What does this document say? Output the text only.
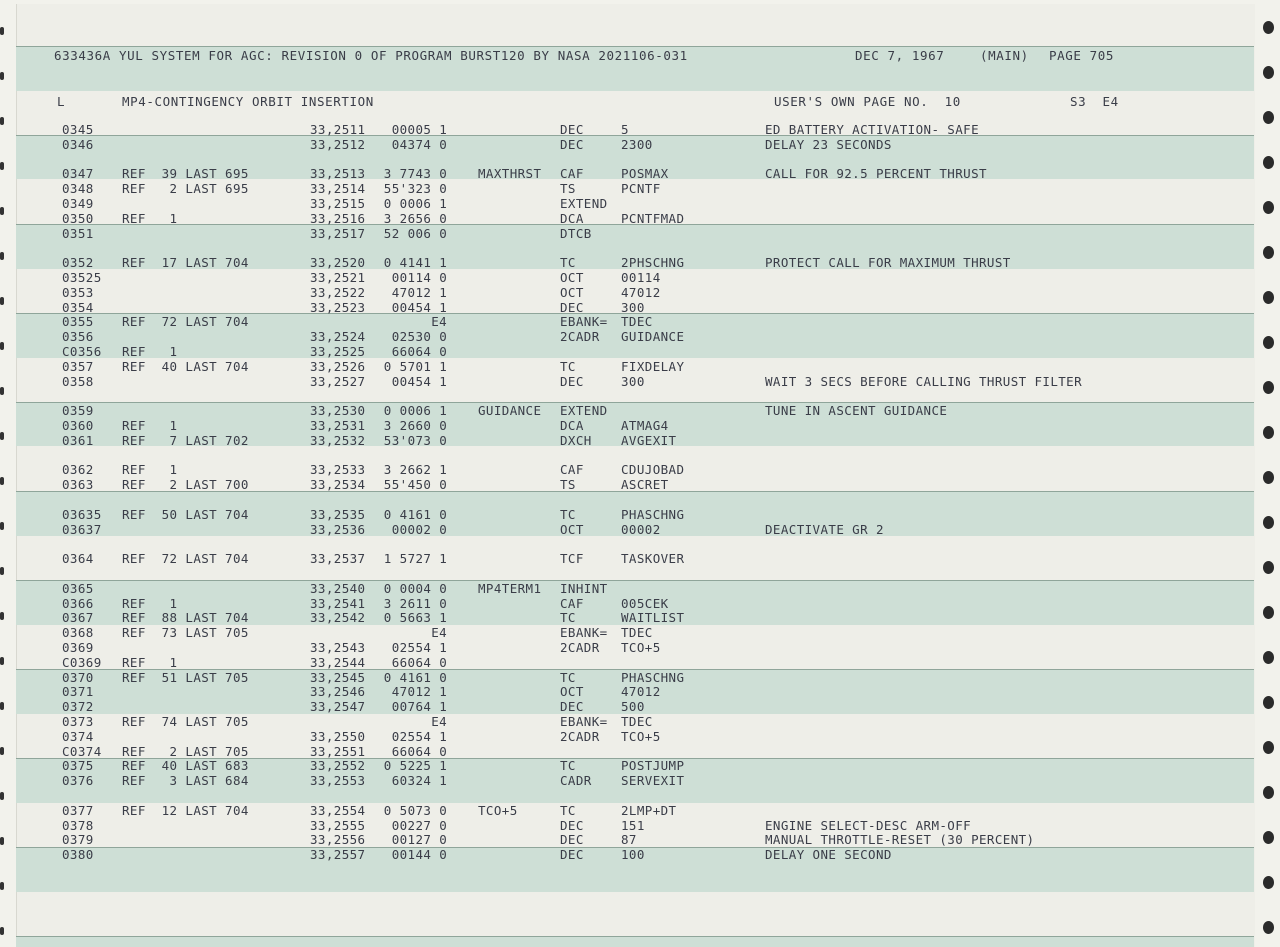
633436A YUL SYSTEM FOR AGC: REVISION 0 OF PROGRAM BURST120 BY NASA 2021106-031	DEC 7, 1967	(MAIN) PAGE 705
L	MP4-CONTINGENCY ORBIT INSERTION	USER'S OWN PAGE NO.  10	S3  E4
0345	33,2511 00005 1	DEC	5	ED BATTERY ACTIVATION- SAFE
0346	33,2512 04374 0	DEC	2300	DELAY 23 SECONDS
0347 REF  39 LAST 695	33,2513 3 7743 0 MAXTHRST CAF	POSMAX	CALL FOR 92.5 PERCENT THRUST
0348 REF   2 LAST 695	33,2514 55'323 0	TS	PCNTF
0349	33,2515 0 0006 1	EXTEND
0350 REF   1	33,2516 3 2656 0	DCA	PCNTFMAD
0351	33,2517 52 006 0	DTCB
0352 REF  17 LAST 704	33,2520 0 4141 1	TC	2PHSCHNG	PROTECT CALL FOR MAXIMUM THRUST
03525	33,2521 00114 0	OCT	00114
0353	33,2522 47012 1	OCT	47012
0354	33,2523 00454 1	DEC	300
0355 REF  72 LAST 704	E4	EBANK= TDEC
0356	33,2524 02530 0	2CADR GUIDANCE
C0356 REF   1	33,2525 66064 0
0357 REF  40 LAST 704	33,2526 0 5701 1	TC	FIXDELAY
0358	33,2527 00454 1	DEC	300	WAIT 3 SECS BEFORE CALLING THRUST FILTER
0359	33,2530 0 0006 1 GUIDANCE EXTEND	TUNE IN ASCENT GUIDANCE
0360 REF   1	33,2531 3 2660 0	DCA	ATMAG4
0361 REF   7 LAST 702	33,2532 53'073 0	DXCH AVGEXIT
0362 REF   1	33,2533 3 2662 1	CAF	CDUJOBAD
0363 REF   2 LAST 700	33,2534 55'450 0	TS	ASCRET
03635 REF  50 LAST 704	33,2535 0 4161 0	TC	PHASCHNG
03637	33,2536 00002 0	OCT	00002	DEACTIVATE GR 2
0364 REF  72 LAST 704	33,2537 1 5727 1	TCF	TASKOVER
0365	33,2540 0 0004 0 MP4TERM1 INHINT
0366 REF   1	33,2541 3 2611 0	CAF	005CEK
0367 REF  88 LAST 704	33,2542 0 5663 1	TC	WAITLIST
0368 REF  73 LAST 705	E4	EBANK= TDEC
0369	33,2543 02554 1	2CADR TCO+5
C0369 REF   1	33,2544 66064 0
0370 REF  51 LAST 705	33,2545 0 4161 0	TC	PHASCHNG
0371	33,2546 47012 1	OCT	47012
0372	33,2547 00764 1	DEC	500
0373 REF  74 LAST 705	E4	EBANK= TDEC
0374	33,2550 02554 1	2CADR TCO+5
C0374 REF   2 LAST 705	33,2551 66064 0
0375 REF  40 LAST 683	33,2552 0 5225 1	TC	POSTJUMP
0376 REF   3 LAST 684	33,2553 60324 1	CADR SERVEXIT
0377 REF  12 LAST 704	33,2554 0 5073 0 TCO+5	TC	2LMP+DT
0378	33,2555 00227 0	DEC	151	ENGINE SELECT-DESC ARM-OFF
0379	33,2556 00127 0	DEC	87	MANUAL THROTTLE-RESET (30 PERCENT)
0380	33,2557 00144 0	DEC	100	DELAY ONE SECOND
